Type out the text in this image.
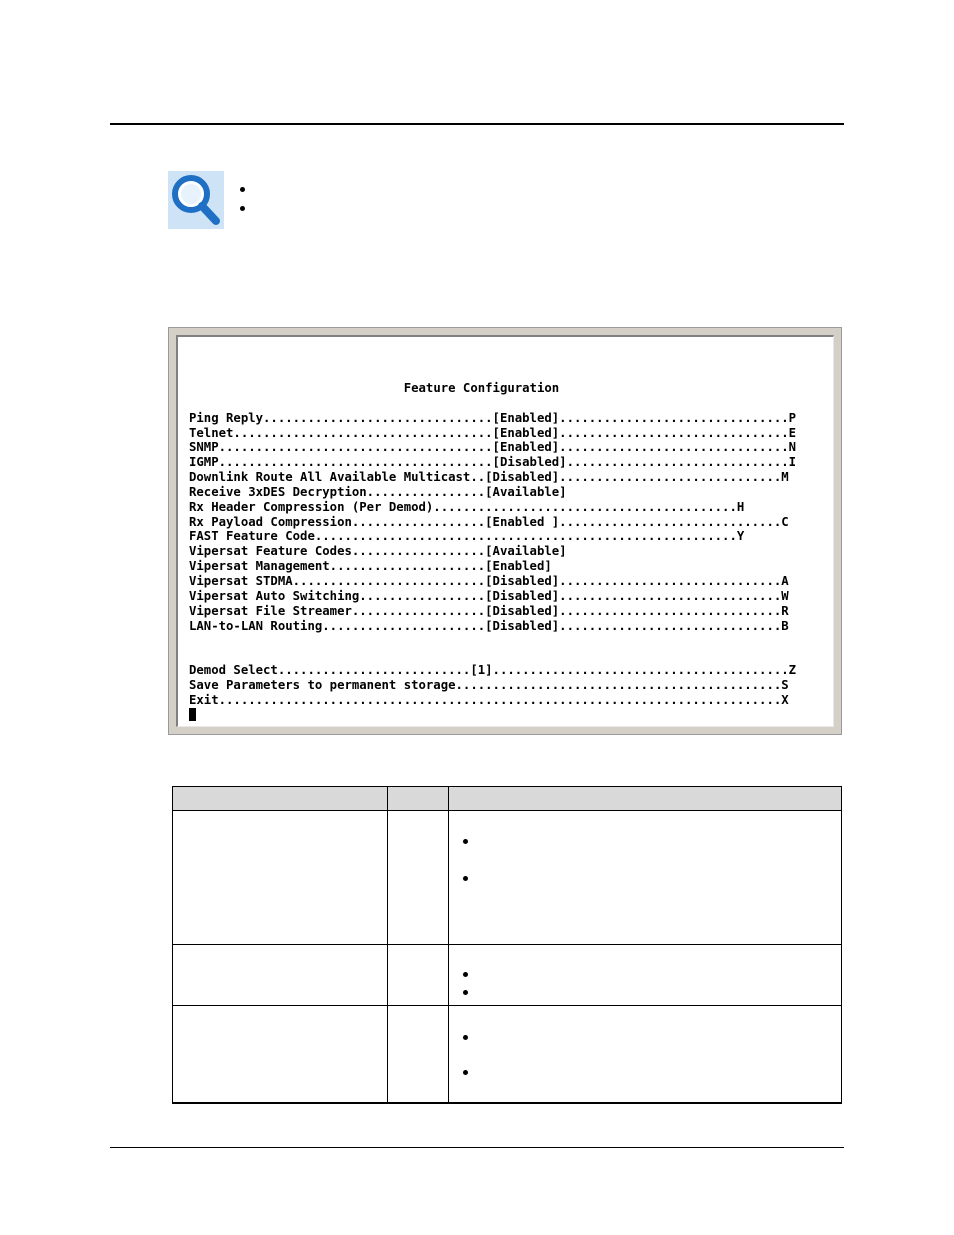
Feature Configuration

Ping Reply...............................[Enabled]...............................P
Telnet...................................[Enabled]...............................E
SNMP.....................................[Enabled]...............................N
IGMP.....................................[Disabled]..............................I
Downlink Route All Available Multicast..[Disabled]..............................M
Receive 3xDES Decryption................[Available]
Rx Header Compression (Per Demod).........................................H
Rx Payload Compression..................[Enabled ]..............................C
FAST Feature Code.........................................................Y
Vipersat Feature Codes..................[Available]
Vipersat Management.....................[Enabled]
Vipersat STDMA..........................[Disabled]..............................A
Vipersat Auto Switching.................[Disabled]..............................W
Vipersat File Streamer..................[Disabled]..............................R
LAN-to-LAN Routing......................[Disabled]..............................B

Demod Select..........................[1]........................................Z
Save Parameters to permanent storage............................................S
Exit............................................................................X
